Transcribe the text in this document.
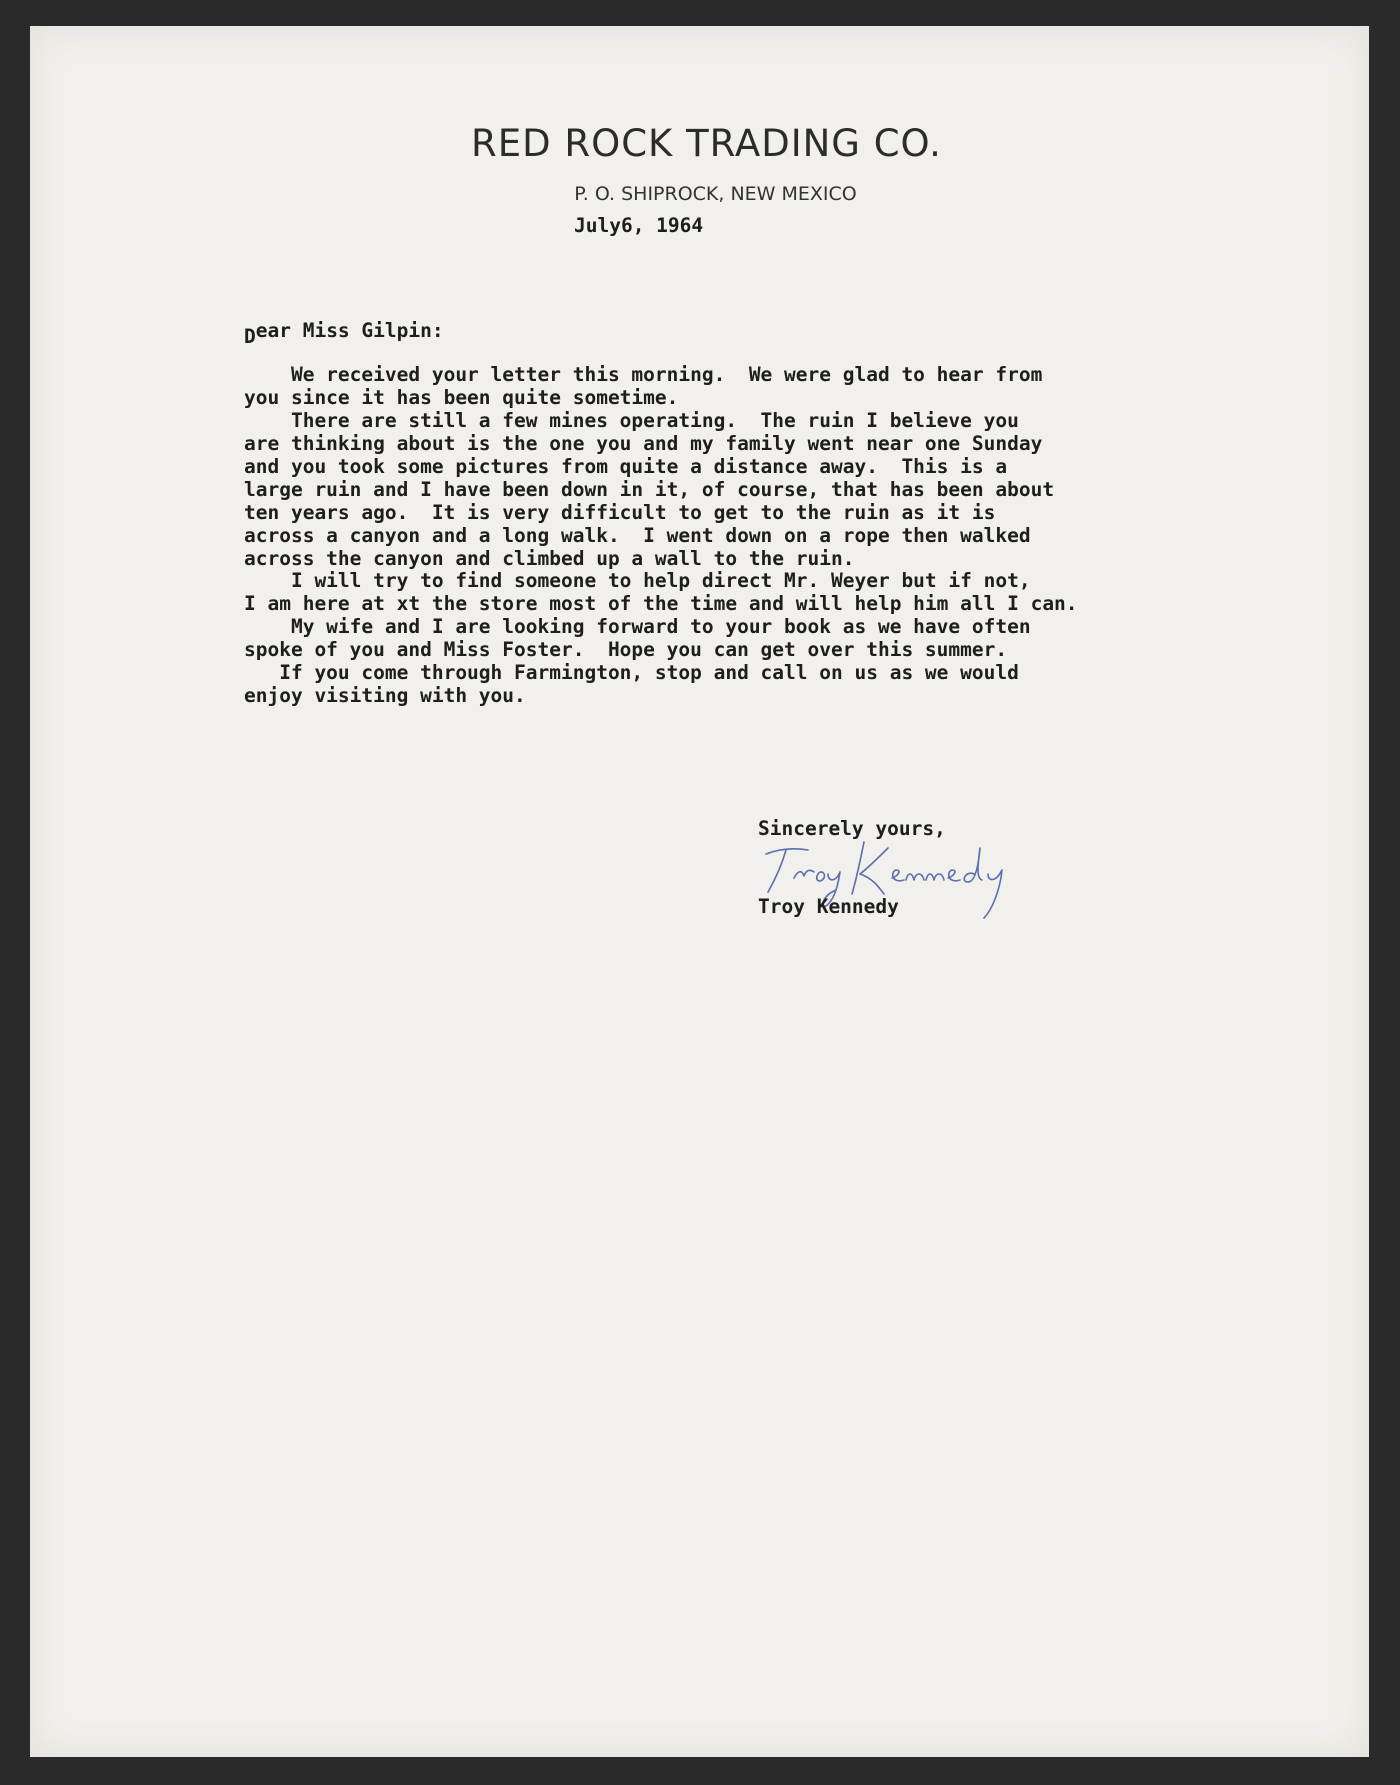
RED ROCK TRADING CO.
P. O. SHIPROCK, NEW MEXICO
July6, 1964
Dear Miss Gilpin:
We received your letter this morning.  We were glad to hear from
you since it has been quite sometime.
There are still a few mines operating.  The ruin I believe you
are thinking about is the one you and my family went near one Sunday
and you took some pictures from quite a distance away.  This is a
large ruin and I have been down in it, of course, that has been about
ten years ago.  It is very difficult to get to the ruin as it is
across a canyon and a long walk.  I went down on a rope then walked
across the canyon and climbed up a wall to the ruin.
I will try to find someone to help direct Mr. Weyer but if not,
I am here at xt the store most of the time and will help him all I can.
My wife and I are looking forward to your book as we have often
spoke of you and Miss Foster.  Hope you can get over this summer.
If you come through Farmington, stop and call on us as we would
enjoy visiting with you.
Sincerely yours,
Troy Kennedy
